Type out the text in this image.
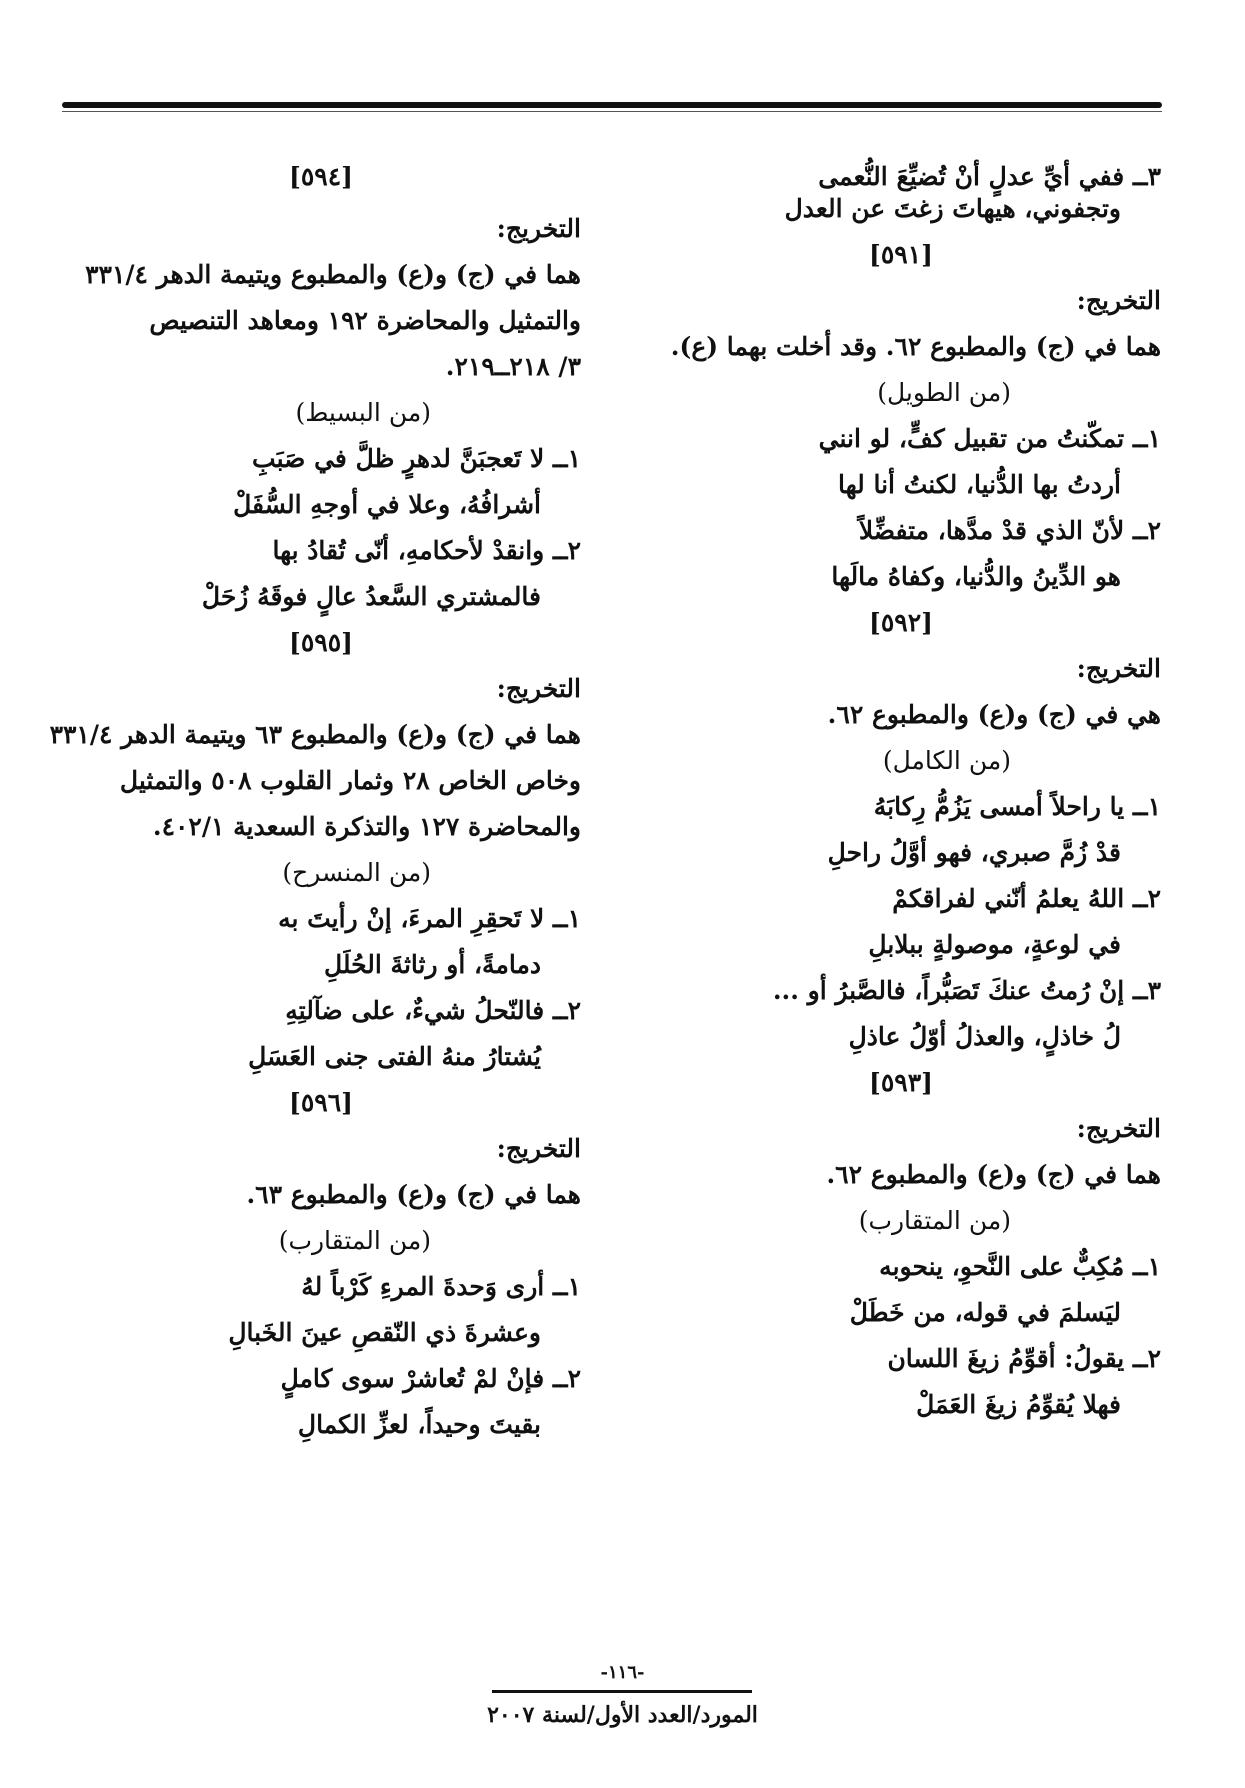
٣ــ ففي أيِّ عدلٍ أنْ تُضيِّعَ النُّعمى
وتجفوني، هيهاتَ زغتَ عن العدل
[٥٩١]
التخريج:
هما في (ج) والمطبوع ٦٢. وقد أخلت بهما (ع).
(من الطويل)
١ــ تمكّنتُ من تقبيل كفٍّ، لو انني
أردتُ بها الدُّنيا، لكنتُ أنا لها
٢ــ لأنّ الذي قدْ مدَّها، متفضِّلاً
هو الدِّينُ والدُّنيا، وكفاهُ مالَها
[٥٩٢]
التخريج:
هي في (ج) و(ع) والمطبوع ٦٢.
(من الكامل)
١ــ يا راحلاً أمسى يَزُمُّ رِكابَهُ
قدْ زُمَّ صبري، فهو أوَّلُ راحلِ
٢ــ اللهُ يعلمُ أنّني لفراقكمْ
في لوعةٍ، موصولةٍ ببلابلِ
٣ــ إنْ رُمتُ عنكَ تَصَبُّراً، فالصَّبرُ أو ...
لُ خاذلٍ، والعذلُ أوّلُ عاذلِ
[٥٩٣]
التخريج:
هما في (ج) و(ع) والمطبوع ٦٢.
(من المتقارب)
١ــ مُكِبٌّ على النَّحوِ، ينحوبه
ليَسلمَ في قوله، من خَطَلْ
٢ــ يقولُ: أقوِّمُ زيغَ اللسان
فهلا يُقوِّمُ زيغَ العَمَلْ
[٥٩٤]
التخريج:
هما في (ج) و(ع) والمطبوع ويتيمة الدهر ٣٣١/٤
والتمثيل والمحاضرة ١٩٢ ومعاهد التنصيص
٣/ ٢١٨ــ٢١٩.
(من البسيط)
١ــ لا تَعجبَنَّ لدهرٍ ظلَّ في صَبَبِ
أشرافُهُ، وعلا في أوجهِ السُّفَلْ
٢ــ وانقدْ لأحكامهِ، أنّى تُقادُ بها
فالمشتري السَّعدُ عالٍ فوقَهُ زُحَلْ
[٥٩٥]
التخريج:
هما في (ج) و(ع) والمطبوع ٦٣ ويتيمة الدهر ٣٣١/٤
وخاص الخاص ٢٨ وثمار القلوب ٥٠٨ والتمثيل
والمحاضرة ١٢٧ والتذكرة السعدية ٤٠٢/١.
(من المنسرح)
١ــ لا تَحقِرِ المرءَ، إنْ رأيتَ به
دمامةً، أو رثاثةَ الحُلَلِ
٢ــ فالنّحلُ شيءٌ، على ضآلتِهِ
يُشتارُ منهُ الفتى جنى العَسَلِ
[٥٩٦]
التخريج:
هما في (ج) و(ع) والمطبوع ٦٣.
(من المتقارب)
١ــ أرى وَحدةَ المرءِ كَرْباً لهُ
وعشرةَ ذي النّقصِ عينَ الخَبالِ
٢ــ فإنْ لمْ تُعاشرْ سوى كاملٍ
بقيتَ وحيداً، لعزِّ الكمالِ
-١١٦-
المورد/العدد الأول/لسنة ٢٠٠٧
